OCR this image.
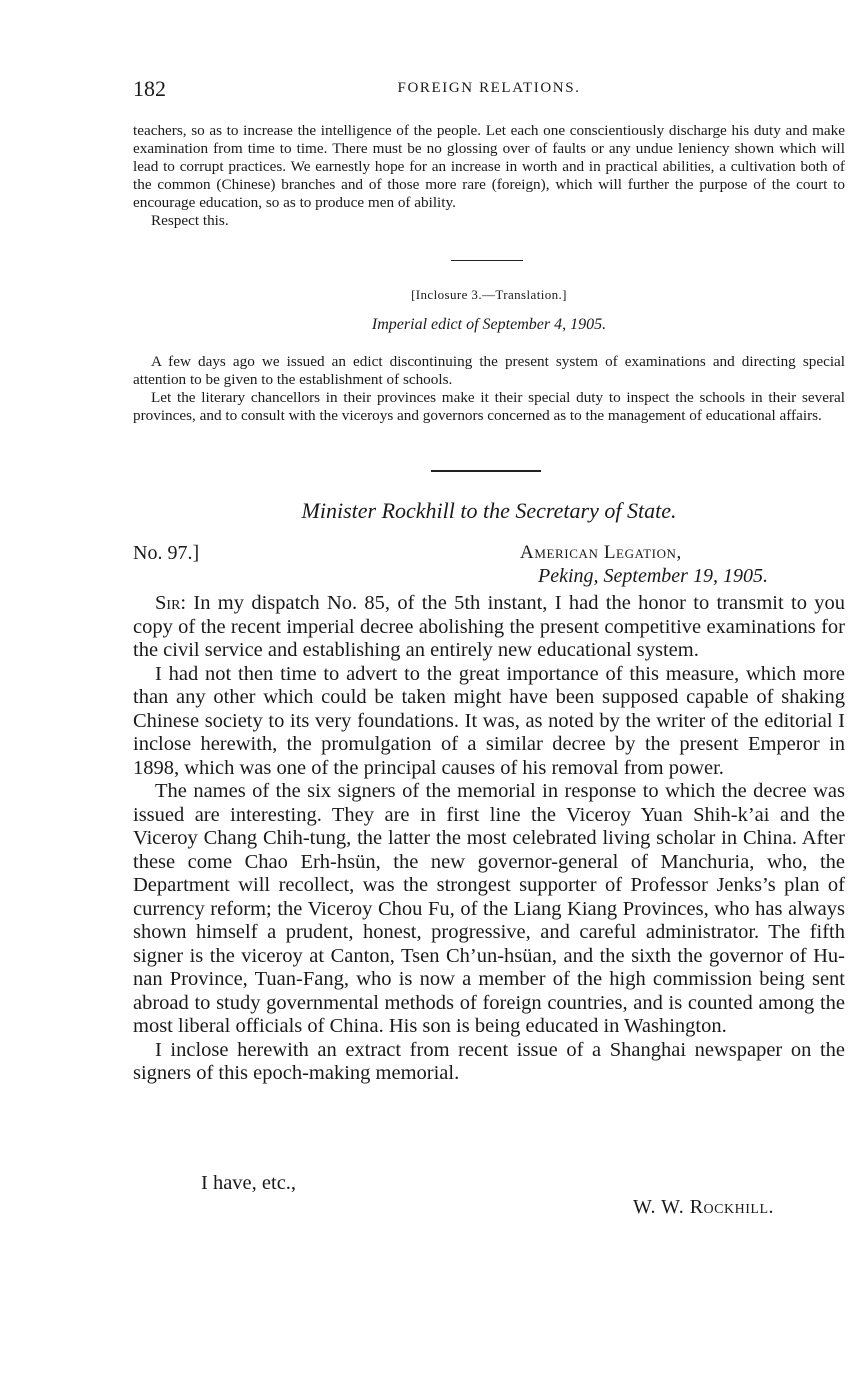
182	FOREIGN RELATIONS.

teachers, so as to increase the intelligence of the people. Let each one conscientiously discharge his duty and make examination from time to time. There must be no glossing over of faults or any undue leniency shown which will lead to corrupt practices. We earnestly hope for an increase in worth and in practical abilities, a cultivation both of the common (Chinese) branches and of those more rare (foreign), which will further the purpose of the court to encourage education, so as to produce men of ability.

Respect this.

[Inclosure 3.—Translation.]
Imperial edict of September 4, 1905.

A few days ago we issued an edict discontinuing the present system of examinations and directing special attention to be given to the establishment of schools.

Let the literary chancellors in their provinces make it their special duty to inspect the schools in their several provinces, and to consult with the viceroys and governors concerned as to the management of educational affairs.

Minister Rockhill to the Secretary of State.
No. 97.]	American Legation,
Peking, September 19, 1905.

Sir: In my dispatch No. 85, of the 5th instant, I had the honor to transmit to you copy of the recent imperial decree abolishing the present competitive examinations for the civil service and establishing an entirely new educational system.

I had not then time to advert to the great importance of this measure, which more than any other which could be taken might have been supposed capable of shaking Chinese society to its very foundations. It was, as noted by the writer of the editorial I inclose herewith, the promulgation of a similar decree by the present Emperor in 1898, which was one of the principal causes of his removal from power.

The names of the six signers of the memorial in response to which the decree was issued are interesting. They are in first line the Viceroy Yuan Shih-k’ai and the Viceroy Chang Chih-tung, the latter the most celebrated living scholar in China. After these come Chao Erh-hsün, the new governor-general of Manchuria, who, the Department will recollect, was the strongest supporter of Professor Jenks’s plan of currency reform; the Viceroy Chou Fu, of the Liang Kiang Provinces, who has always shown himself a prudent, honest, progressive, and careful administrator. The fifth signer is the viceroy at Canton, Tsen Ch’un-hsüan, and the sixth the governor of Hu-nan Province, Tuan-Fang, who is now a member of the high commission being sent abroad to study governmental methods of foreign countries, and is counted among the most liberal officials of China. His son is being educated in Washington.

I inclose herewith an extract from recent issue of a Shanghai newspaper on the signers of this epoch-making memorial.

I have, etc.,
W. W. Rockhill.
